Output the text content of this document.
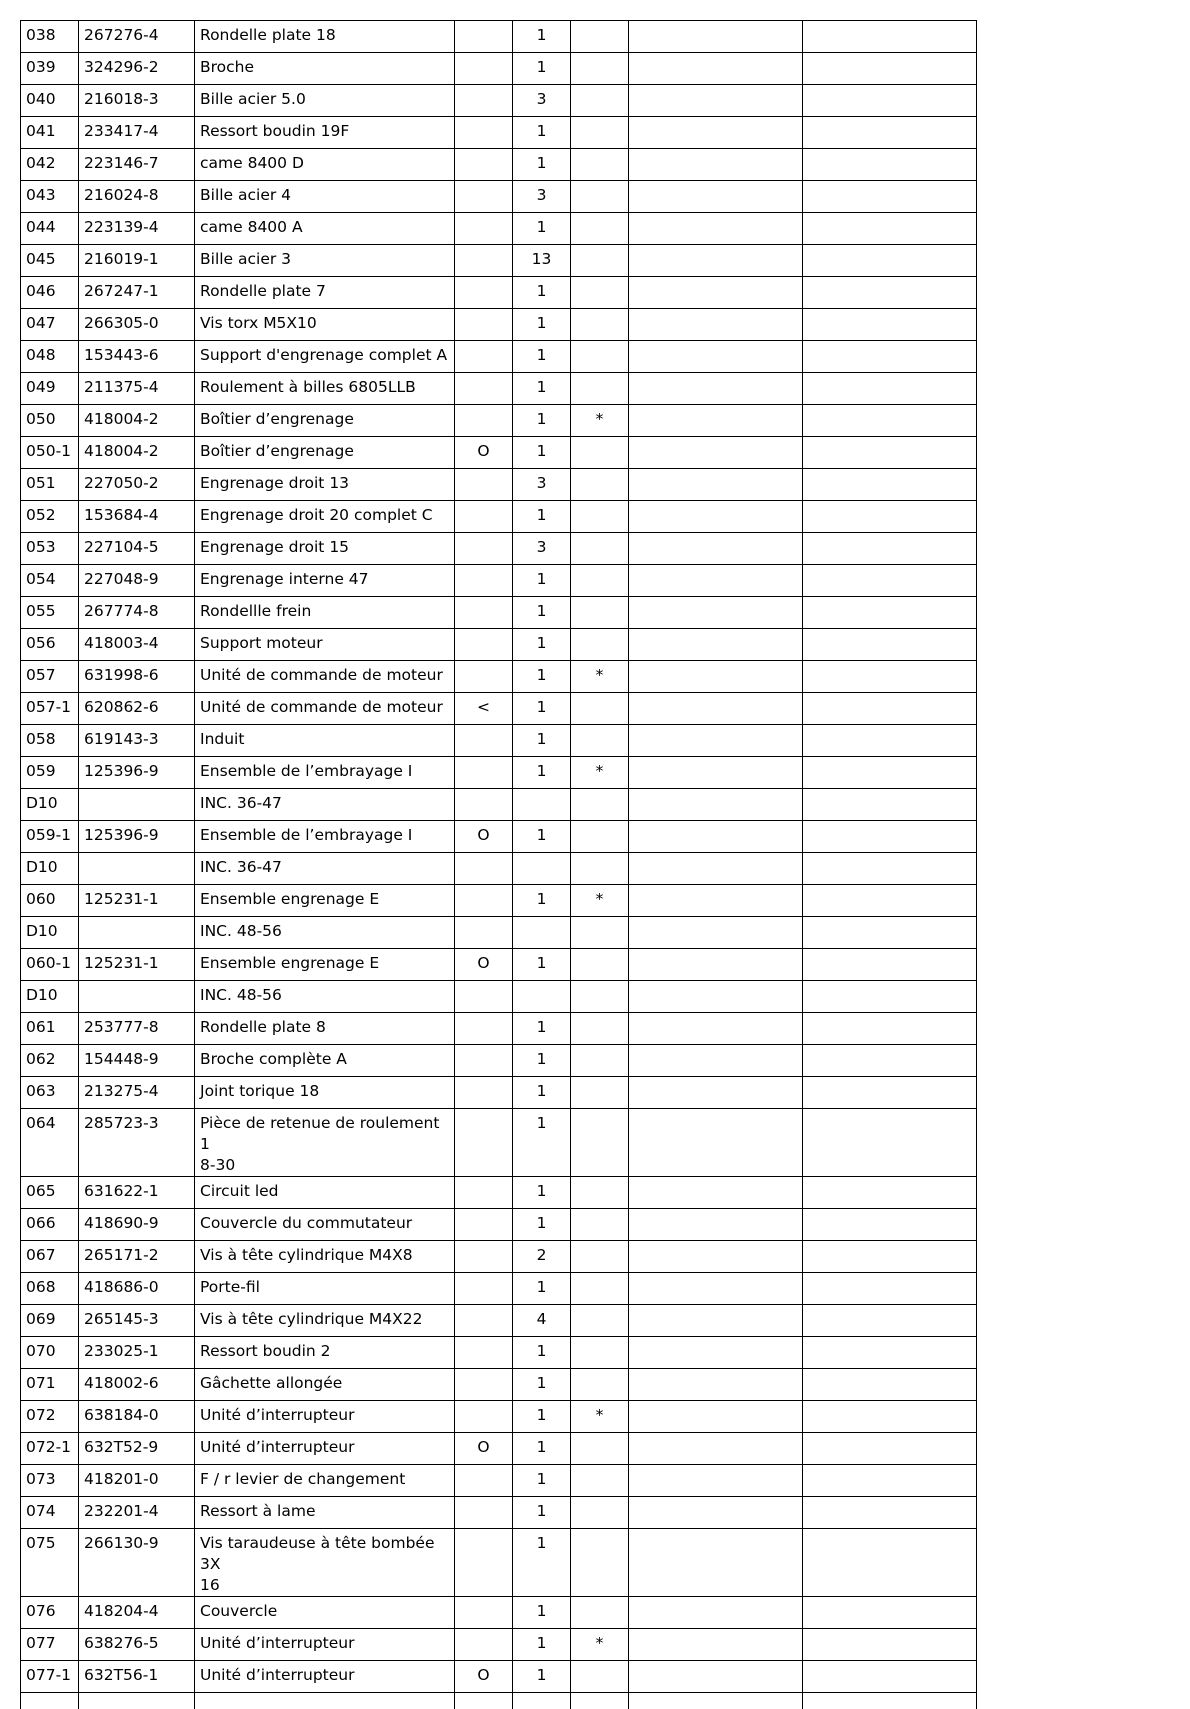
038	267276-4	Rondelle plate 18		1			

039	324296-2	Broche		1			

040	216018-3	Bille acier 5.0		3			

041	233417-4	Ressort boudin 19F		1			

042	223146-7	came 8400 D		1			

043	216024-8	Bille acier 4		3			

044	223139-4	came 8400 A		1			

045	216019-1	Bille acier 3		13			

046	267247-1	Rondelle plate 7		1			

047	266305-0	Vis torx M5X10		1			

048	153443-6	Support d'engrenage complet A		1			

049	211375-4	Roulement à billes 6805LLB		1			

050	418004-2	Boîtier d’engrenage		1	*		

050-1	418004-2	Boîtier d’engrenage	O	1			

051	227050-2	Engrenage droit 13		3			

052	153684-4	Engrenage droit 20 complet C		1			

053	227104-5	Engrenage droit 15		3			

054	227048-9	Engrenage interne 47		1			

055	267774-8	Rondellle frein		1			

056	418003-4	Support moteur		1			

057	631998-6	Unité de commande de moteur		1	*		

057-1	620862-6	Unité de commande de moteur	<	1			

058	619143-3	Induit		1			

059	125396-9	Ensemble de l’embrayage I		1	*		

D10		INC. 36-47					

059-1	125396-9	Ensemble de l’embrayage I	O	1			

D10		INC. 36-47					

060	125231-1	Ensemble engrenage E		1	*		

D10		INC. 48-56					

060-1	125231-1	Ensemble engrenage E	O	1			

D10		INC. 48-56					

061	253777-8	Rondelle plate 8		1			

062	154448-9	Broche complète A		1			

063	213275-4	Joint torique 18		1			

064	285723-3	Pièce de retenue de roulement 1
8-30		1			

065	631622-1	Circuit led		1			

066	418690-9	Couvercle du commutateur		1			

067	265171-2	Vis à tête cylindrique M4X8		2			

068	418686-0	Porte-fil		1			

069	265145-3	Vis à tête cylindrique M4X22		4			

070	233025-1	Ressort boudin 2		1			

071	418002-6	Gâchette allongée		1			

072	638184-0	Unité d’interrupteur		1	*		

072-1	632T52-9	Unité d’interrupteur	O	1			

073	418201-0	F / r levier de changement		1			

074	232201-4	Ressort à lame		1			

075	266130-9	Vis taraudeuse à tête bombée 3X
16		1			

076	418204-4	Couvercle		1			

077	638276-5	Unité d’interrupteur		1	*		

077-1	632T56-1	Unité d’interrupteur	O	1			
